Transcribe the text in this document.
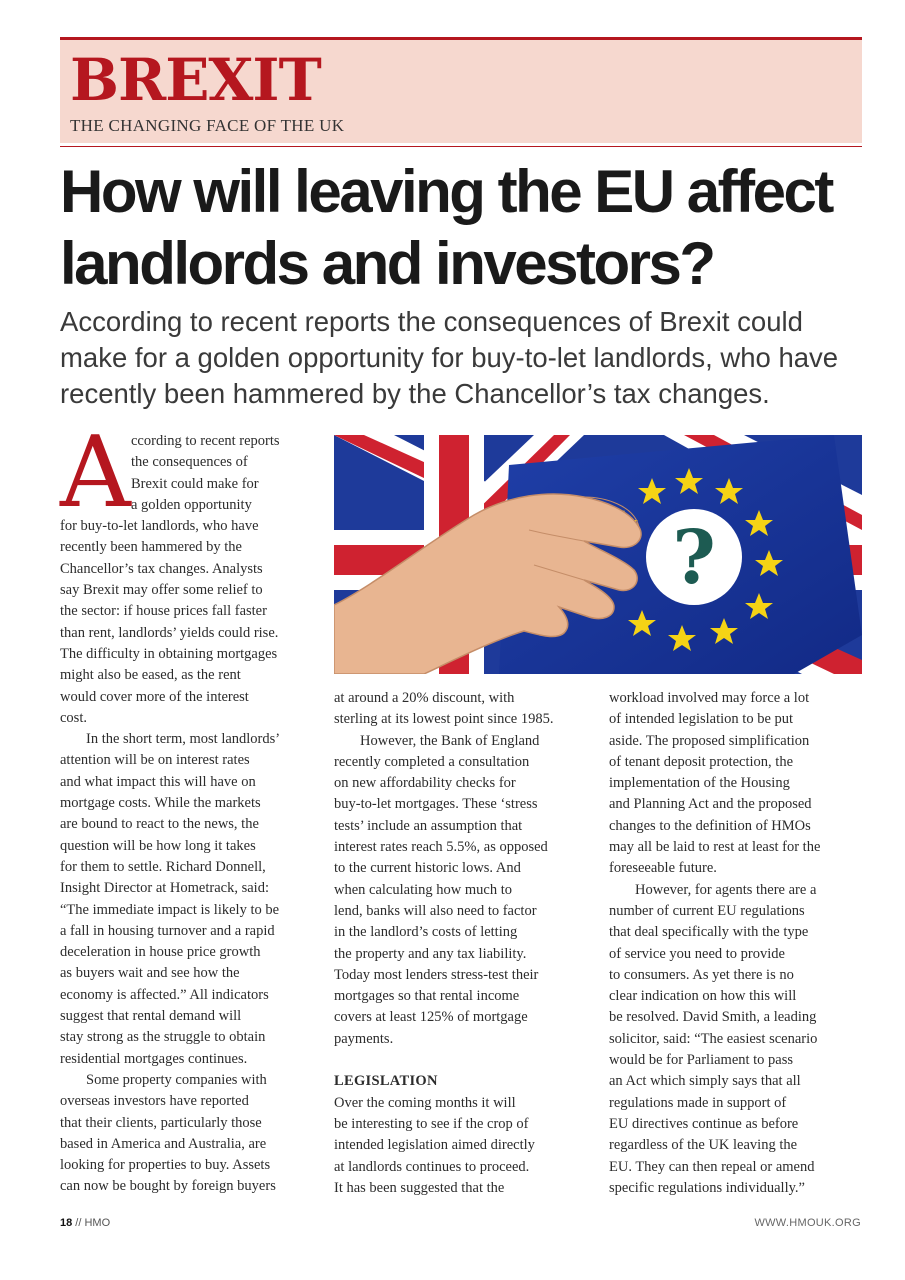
BREXIT
THE CHANGING FACE OF THE UK
How will leaving the EU affect
landlords and investors?
According to recent reports the consequences of Brexit could
make for a golden opportunity for buy-to-let landlords, who have
recently been hammered by the Chancellor’s tax changes.
A ccording to recent reports
the consequences of
Brexit could make for
a golden opportunity
for buy-to-let landlords, who have
recently been hammered by the
Chancellor’s tax changes. Analysts
say Brexit may offer some relief to
the sector: if house prices fall faster
than rent, landlords’ yields could rise.
The difficulty in obtaining mortgages
might also be eased, as the rent
would cover more of the interest
cost.
In the short term, most landlords’
attention will be on interest rates
and what impact this will have on
mortgage costs. While the markets
are bound to react to the news, the
question will be how long it takes
for them to settle. Richard Donnell,
Insight Director at Hometrack, said:
“The immediate impact is likely to be
a fall in housing turnover and a rapid
deceleration in house price growth
as buyers wait and see how the
economy is affected.” All indicators
suggest that rental demand will
stay strong as the struggle to obtain
residential mortgages continues.
Some property companies with
overseas investors have reported
that their clients, particularly those
based in America and Australia, are
looking for properties to buy. Assets
can now be bought by foreign buyers
?
at around a 20% discount, with
sterling at its lowest point since 1985.
However, the Bank of England
recently completed a consultation
on new affordability checks for
buy-to-let mortgages. These ‘stress
tests’ include an assumption that
interest rates reach 5.5%, as opposed
to the current historic lows. And
when calculating how much to
lend, banks will also need to factor
in the landlord’s costs of letting
the property and any tax liability.
Today most lenders stress-test their
mortgages so that rental income
covers at least 125% of mortgage
payments.
LEGISLATION
Over the coming months it will
be interesting to see if the crop of
intended legislation aimed directly
at landlords continues to proceed.
It has been suggested that the
workload involved may force a lot
of intended legislation to be put
aside. The proposed simplification
of tenant deposit protection, the
implementation of the Housing
and Planning Act and the proposed
changes to the definition of HMOs
may all be laid to rest at least for the
foreseeable future.
However, for agents there are a
number of current EU regulations
that deal specifically with the type
of service you need to provide
to consumers. As yet there is no
clear indication on how this will
be resolved. David Smith, a leading
solicitor, said: “The easiest scenario
would be for Parliament to pass
an Act which simply says that all
regulations made in support of
EU directives continue as before
regardless of the UK leaving the
EU. They can then repeal or amend
specific regulations individually.”
18 // HMO	WWW.HMOUK.ORG
